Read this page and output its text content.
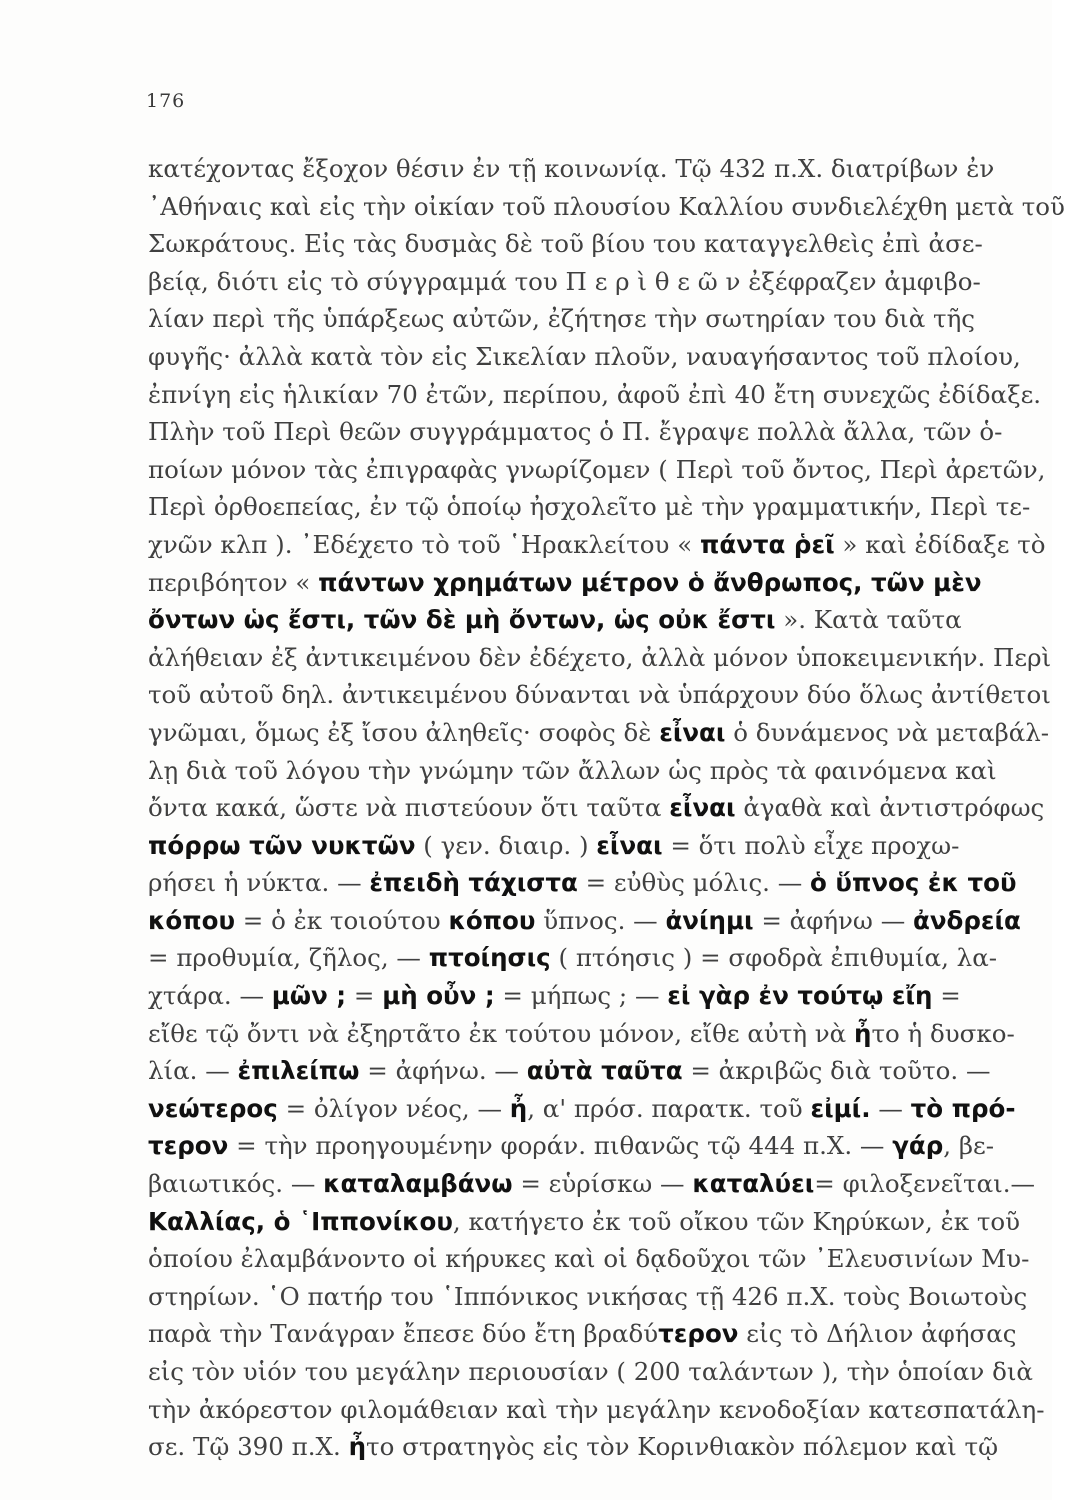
176
κατέχοντας ἔξοχον θέσιν ἐν τῇ κοινωνίᾳ. Τῷ 432 π.Χ. διατρίβων ἐν
᾿Αθήναις καὶ εἰς τὴν οἰκίαν τοῦ πλουσίου Καλλίου συνδιελέχθη μετὰ τοῦ
Σωκράτους. Εἰς τὰς δυσμὰς δὲ τοῦ βίου του καταγγελθεὶς ἐπὶ ἀσε-
βείᾳ, διότι εἰς τὸ σύγγραμμά του Π ε ρ ὶ θ ε ῶ ν ἐξέφραζεν ἀμφιβο-
λίαν περὶ τῆς ὑπάρξεως αὐτῶν, ἐζήτησε τὴν σωτηρίαν του διὰ τῆς
φυγῆς· ἀλλὰ κατὰ τὸν εἰς Σικελίαν πλοῦν, ναυαγήσαντος τοῦ πλοίου,
ἐπνίγη εἰς ἡλικίαν 70 ἐτῶν, περίπου, ἀφοῦ ἐπὶ 40 ἔτη συνεχῶς ἐδίδαξε.
Πλὴν τοῦ Περὶ θεῶν συγγράμματος ὁ Π. ἔγραψε πολλὰ ἄλλα, τῶν ὁ-
ποίων μόνον τὰς ἐπιγραφὰς γνωρίζομεν ( Περὶ τοῦ ὄντος, Περὶ ἀρετῶν,
Περὶ ὀρθοεπείας, ἐν τῷ ὁποίῳ ἠσχολεῖτο μὲ τὴν γραμματικήν, Περὶ τε-
χνῶν κλπ ). ᾿Εδέχετο τὸ τοῦ ῾Ηρακλείτου « πάντα ῥεῖ » καὶ ἐδίδαξε τὸ
περιβόητον « πάντων χρημάτων μέτρον ὁ ἄνθρωπος, τῶν μὲν
ὄντων ὡς ἔστι, τῶν δὲ μὴ ὄντων, ὡς οὐκ ἔστι ». Κατὰ ταῦτα
ἀλήθειαν ἐξ ἀντικειμένου δὲν ἐδέχετο, ἀλλὰ μόνον ὑποκειμενικήν. Περὶ
τοῦ αὐτοῦ δηλ. ἀντικειμένου δύνανται νὰ ὑπάρχουν δύο ὅλως ἀντίθετοι
γνῶμαι, ὅμως ἐξ ἴσου ἀληθεῖς· σοφὸς δὲ εἶναι ὁ δυνάμενος νὰ μεταβάλ-
λῃ διὰ τοῦ λόγου τὴν γνώμην τῶν ἄλλων ὡς πρὸς τὰ φαινόμενα καὶ
ὄντα κακά, ὥστε νὰ πιστεύουν ὅτι ταῦτα εἶναι ἀγαθὰ καὶ ἀντιστρόφως
πόρρω τῶν νυκτῶν ( γεν. διαιρ. ) εἶναι = ὅτι πολὺ εἶχε προχω-
ρήσει ἡ νύκτα. — ἐπειδὴ τάχιστα = εὐθὺς μόλις. — ὁ ὕπνος ἐκ τοῦ
κόπου = ὁ ἐκ τοιούτου κόπου ὕπνος. — ἀνίημι = ἀφήνω — ἀνδρεία
= προθυμία, ζῆλος, — πτοίησις ( πτόησις ) = σφοδρὰ ἐπιθυμία, λα-
χτάρα. — μῶν ; = μὴ οὖν ; = μήπως ; — εἰ γὰρ ἐν τούτῳ εἴη =
εἴθε τῷ ὄντι νὰ ἐξηρτᾶτο ἐκ τούτου μόνον, εἴθε αὐτὴ νὰ ἦτο ἡ δυσκο-
λία. — ἐπιλείπω = ἀφήνω. — αὐτὰ ταῦτα = ἀκριβῶς διὰ τοῦτο. —
νεώτερος = ὀλίγον νέος, — ἦ, α' πρόσ. παρατκ. τοῦ εἰμί. — τὸ πρό-
τερον = τὴν προηγουμένην φοράν. πιθανῶς τῷ 444 π.Χ. — γάρ, βε-
βαιωτικός. — καταλαμβάνω = εὑρίσκω — καταλύει= φιλοξενεῖται.—
Καλλίας, ὁ ῾Ιππονίκου, κατήγετο ἐκ τοῦ οἴκου τῶν Κηρύκων, ἐκ τοῦ
ὁποίου ἐλαμβάνοντο οἱ κήρυκες καὶ οἱ δᾳδοῦχοι τῶν ᾿Ελευσινίων Μυ-
στηρίων. ῾Ο πατήρ του ῾Ιππόνικος νικήσας τῇ 426 π.Χ. τοὺς Βοιωτοὺς
παρὰ τὴν Τανάγραν ἔπεσε δύο ἔτη βραδύτερον εἰς τὸ Δήλιον ἀφήσας
εἰς τὸν υἱόν του μεγάλην περιουσίαν ( 200 ταλάντων ), τὴν ὁποίαν διὰ
τὴν ἀκόρεστον φιλομάθειαν καὶ τὴν μεγάλην κενοδοξίαν κατεσπατάλη-
σε. Τῷ 390 π.Χ. ἦτο στρατηγὸς εἰς τὸν Κορινθιακὸν πόλεμον καὶ τῷ
